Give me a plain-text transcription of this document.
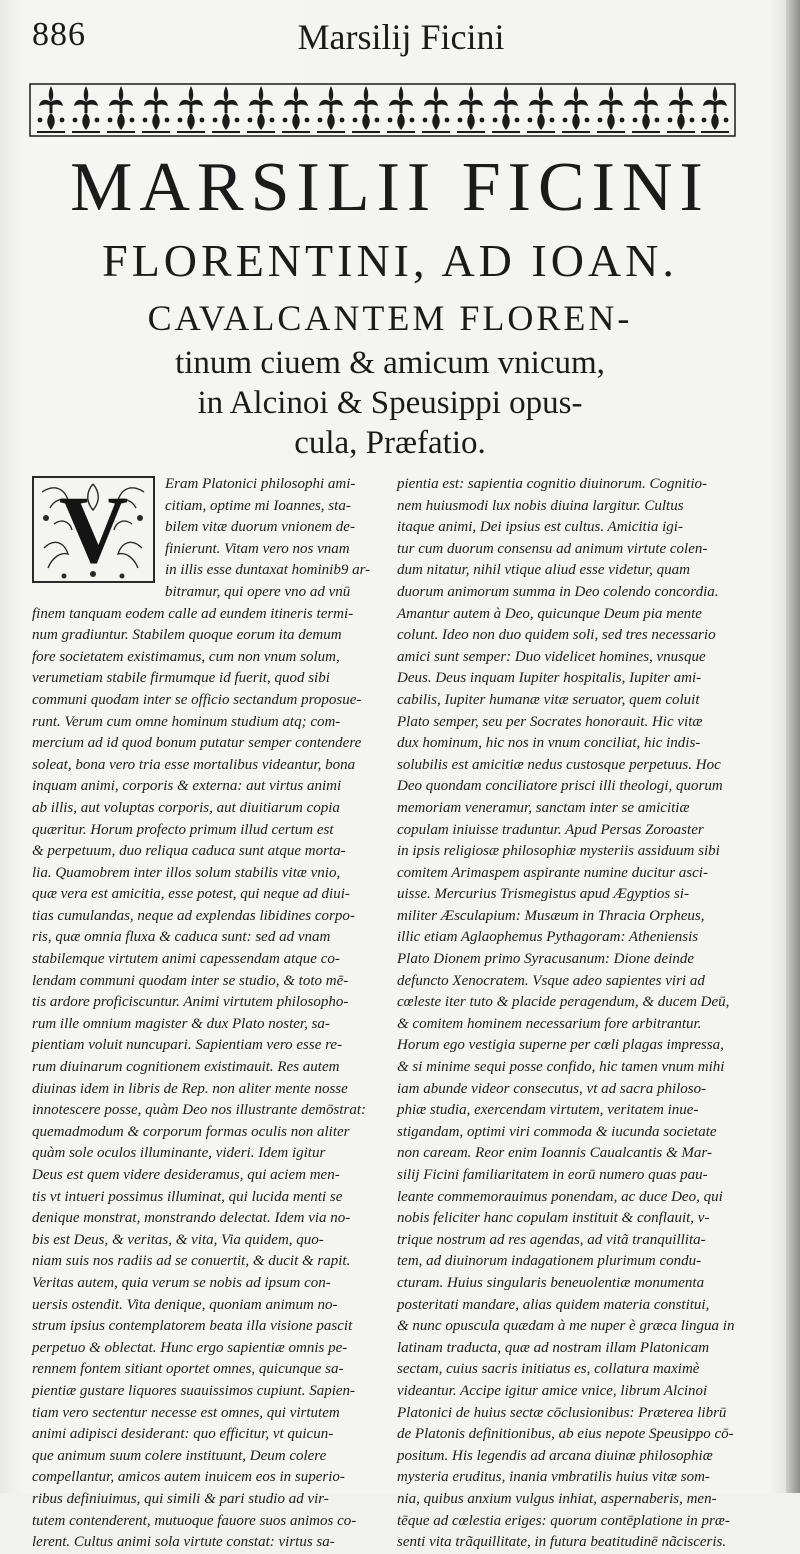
886	Marsilij Ficini
MARSILII FICINI
FLORENTINI, AD IOAN.
CAVALCANTEM FLOREN-
tinum ciuem & amicum vnicum,
in Alcinoi & Speusippi opus-
cula, Præfatio.
V	Eram Platonici philosophi ami-
citiam, optime mi Ioannes, sta-
bilem vitæ duorum vnionem de-
finierunt. Vitam vero nos vnam
in illis esse duntaxat hominib9 ar-
bitramur, qui opere vno ad vnū
finem tanquam eodem calle ad eundem itineris termi-
num gradiuntur. Stabilem quoque eorum ita demum
fore societatem existimamus, cum non vnum solum,
verumetiam stabile firmumque id fuerit, quod sibi
communi quodam inter se officio sectandum proposue-
runt. Verum cum omne hominum studium atq; com-
mercium ad id quod bonum putatur semper contendere
soleat, bona vero tria esse mortalibus videantur, bona
inquam animi, corporis & externa: aut virtus animi
ab illis, aut voluptas corporis, aut diuitiarum copia
quæritur. Horum profecto primum illud certum est
& perpetuum, duo reliqua caduca sunt atque morta-
lia. Quamobrem inter illos solum stabilis vitæ vnio,
quæ vera est amicitia, esse potest, qui neque ad diui-
tias cumulandas, neque ad explendas libidines corpo-
ris, quæ omnia fluxa & caduca sunt: sed ad vnam
stabilemque virtutem animi capessendam atque co-
lendam communi quodam inter se studio, & toto mē-
tis ardore proficiscuntur. Animi virtutem philosopho-
rum ille omnium magister & dux Plato noster, sa-
pientiam voluit nuncupari. Sapientiam vero esse re-
rum diuinarum cognitionem existimauit. Res autem
diuinas idem in libris de Rep. non aliter mente nosse
innotescere posse, quàm Deo nos illustrante demōstrat:
quemadmodum & corporum formas oculis non aliter
quàm sole oculos illuminante, videri. Idem igitur
Deus est quem videre desideramus, qui aciem men-
tis vt intueri possimus illuminat, qui lucida menti se
denique monstrat, monstrando delectat. Idem via no-
bis est Deus, & veritas, & vita, Via quidem, quo-
niam suis nos radiis ad se conuertit, & ducit & rapit.
Veritas autem, quia verum se nobis ad ipsum con-
uersis ostendit. Vita denique, quoniam animum no-
strum ipsius contemplatorem beata illa visione pascit
perpetuo & oblectat. Hunc ergo sapientiæ omnis pe-
rennem fontem sitiant oportet omnes, quicunque sa-
pientiæ gustare liquores suauissimos cupiunt. Sapien-
tiam vero sectentur necesse est omnes, qui virtutem
animi adipisci desiderant: quo efficitur, vt quicun-
que animum suum colere instituunt, Deum colere
compellantur, amicos autem inuicem eos in superio-
ribus definiuimus, qui simili & pari studio ad vir-
tutem contenderent, mutuoque fauore suos animos co-
lerent. Cultus animi sola virtute constat: virtus sa-
pientia est: sapientia cognitio diuinorum. Cognitio-
nem huiusmodi lux nobis diuina largitur. Cultus
itaque animi, Dei ipsius est cultus. Amicitia igi-
tur cum duorum consensu ad animum virtute colen-
dum nitatur, nihil vtique aliud esse videtur, quam
duorum animorum summa in Deo colendo concordia.
Amantur autem à Deo, quicunque Deum pia mente
colunt. Ideo non duo quidem soli, sed tres necessario
amici sunt semper: Duo videlicet homines, vnusque
Deus. Deus inquam Iupiter hospitalis, Iupiter ami-
cabilis, Iupiter humanæ vitæ seruator, quem coluit
Plato semper, seu per Socrates honorauit. Hic vitæ
dux hominum, hic nos in vnum conciliat, hic indis-
solubilis est amicitiæ nedus custosque perpetuus. Hoc
Deo quondam conciliatore prisci illi theologi, quorum
memoriam veneramur, sanctam inter se amicitiæ
copulam iniuisse traduntur. Apud Persas Zoroaster
in ipsis religiosæ philosophiæ mysteriis assiduum sibi
comitem Arimaspem aspirante numine ducitur asci-
uisse. Mercurius Trismegistus apud Ægyptios si-
militer Æsculapium: Musæum in Thracia Orpheus,
illic etiam Aglaophemus Pythagoram: Atheniensis
Plato Dionem primo Syracusanum: Dione deinde
defuncto Xenocratem. Vsque adeo sapientes viri ad
cœleste iter tuto & placide peragendum, & ducem Deū,
& comitem hominem necessarium fore arbitrantur.
Horum ego vestigia superne per cœli plagas impressa,
& si minime sequi posse confido, hic tamen vnum mihi
iam abunde videor consecutus, vt ad sacra philoso-
phiæ studia, exercendam virtutem, veritatem inue-
stigandam, optimi viri commoda & iucunda societate
non caream. Reor enim Ioannis Caualcantis & Mar-
silij Ficini familiaritatem in eorū numero quas pau-
leante commemorauimus ponendam, ac duce Deo, qui
nobis feliciter hanc copulam instituit & conflauit, v-
trique nostrum ad res agendas, ad vitã tranquillita-
tem, ad diuinorum indagationem plurimum condu-
cturam. Huius singularis beneuolentiæ monumenta
posteritati mandare, alias quidem materia constitui,
& nunc opuscula quædam à me nuper è græca lingua in
latinam traducta, quæ ad nostram illam Platonicam
sectam, cuius sacris initiatus es, collatura maximè
videantur. Accipe igitur amice vnice, librum Alcinoi
Platonici de huius sectæ cōclusionibus: Præterea librū
de Platonis definitionibus, ab eius nepote Speusippo cō-
positum. His legendis ad arcana diuinæ philosophiæ
mysteria eruditus, inania vmbratilis huius vitæ som-
nia, quibus anxium vulgus inhiat, aspernaberis, men-
tēque ad cœlestia eriges: quorum contēplatione in præ-
senti vita trãquillitate, in futura beatitudinē nãcisceris.
